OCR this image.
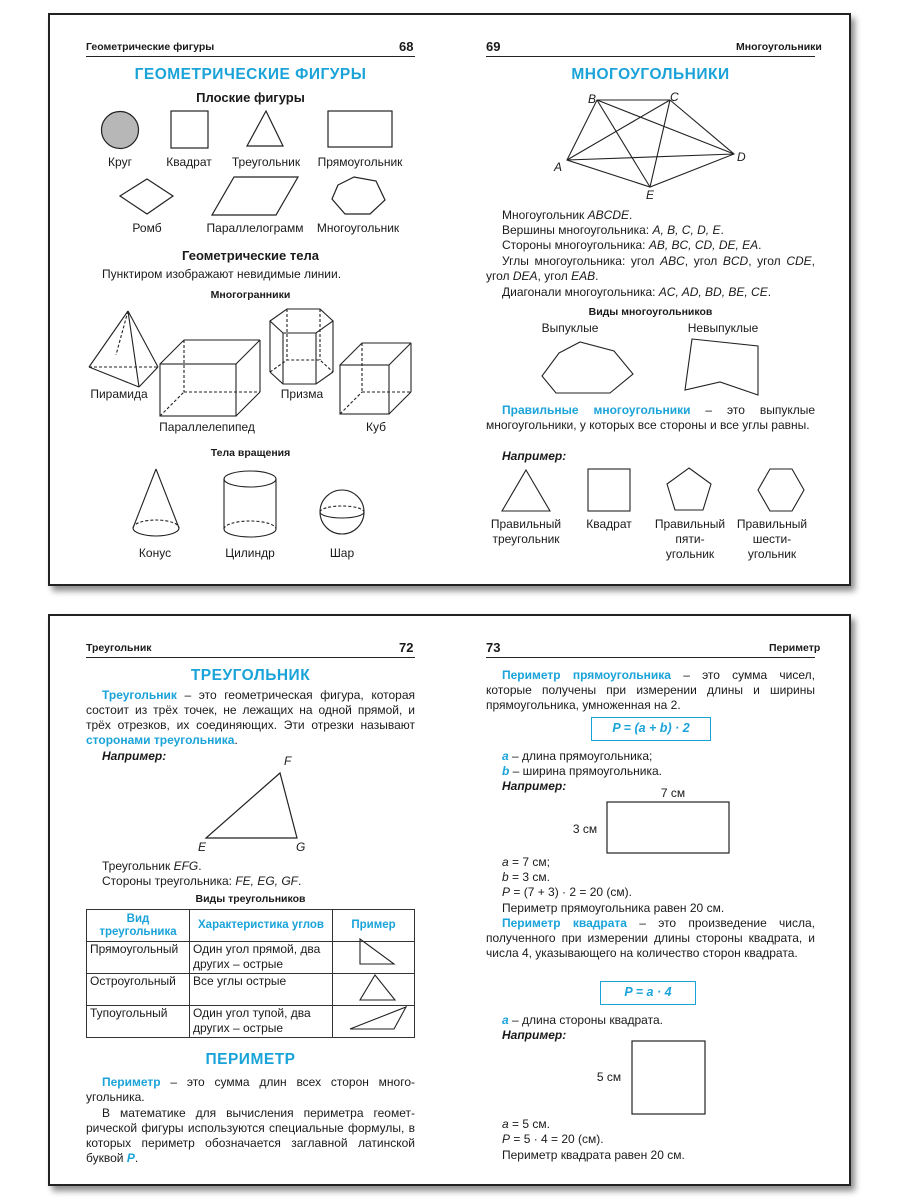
Геометрические фигуры	68	69	Многоугольники
ГЕОМЕТРИЧЕСКИЕ ФИГУРЫ
Плоские фигуры
Круг	Квадрат	Треугольник	Прямоугольник
Ромб	Параллелограмм	Многоугольник
Геометрические тела
Пунктиром изображают невидимые линии.
Многогранники
Пирамида
Параллелепипед
Призма
Куб
Тела вращения
Конус	Цилиндр	Шар
МНОГОУГОЛЬНИКИ
A
B	C
D
E
Многоугольник ABCDE.
Вершины многоугольника: A, B, C, D, E.
Стороны многоугольника: AB, BC, CD, DE, EA.
Углы многоугольника: угол ABC, угол BCD, угол CDE, угол DEA, угол EAB.
Диагонали многоугольника: AC, AD, BD, BE, CE.
Виды многоугольников
Выпуклые	Невыпуклые
Правильные многоугольники – это выпуклые многоугольники, у которых все стороны и все углы равны.
Например:
Правильный
треугольник
Квадрат	Правильный
пяти-
угольник
Правильный
шести-
угольник
Треугольник	72	73	Периметр
ТРЕУГОЛЬНИК
Треугольник – это геометрическая фигура, которая состоит из трёх точек, не лежащих на одной прямой, и трёх отрезков, их соединяющих. Эти отрезки называют сторонами треугольника.
Например:	F
E	G
Треугольник EFG.
Стороны треугольника: FE, EG, GF.
Виды треугольников
Вид треугольника	Характеристика углов	Пример
Прямоугольный	Один угол прямой, два других – острые	
Остроугольный	Все углы острые	
Тупоугольный	Один угол тупой, два других – острые	
ПЕРИМЕТР
Периметр – это сумма длин всех сторон многоугольника.
В математике для вычисления периметра геометрической фигуры используются специальные формулы, в которых периметр обозначается заглавной латинской буквой P.
Периметр прямоугольника – это сумма чисел, которые получены при измерении длины и ширины прямоугольника, умноженная на 2.
P = (a + b) · 2
a – длина прямоугольника;
b – ширина прямоугольника.
Например:	7 см
3 см
a = 7 см;
b = 3 см.
P = (7 + 3) · 2 = 20 (см).
Периметр прямоугольника равен 20 см.
Периметр квадрата – это произведение числа, полученного при измерении длины стороны квадрата, и числа 4, указывающего на количество сторон квадрата.
P = a · 4
a – длина стороны квадрата.
Например:
5 см
a = 5 см.
P = 5 · 4 = 20 (см).
Периметр квадрата равен 20 см.
